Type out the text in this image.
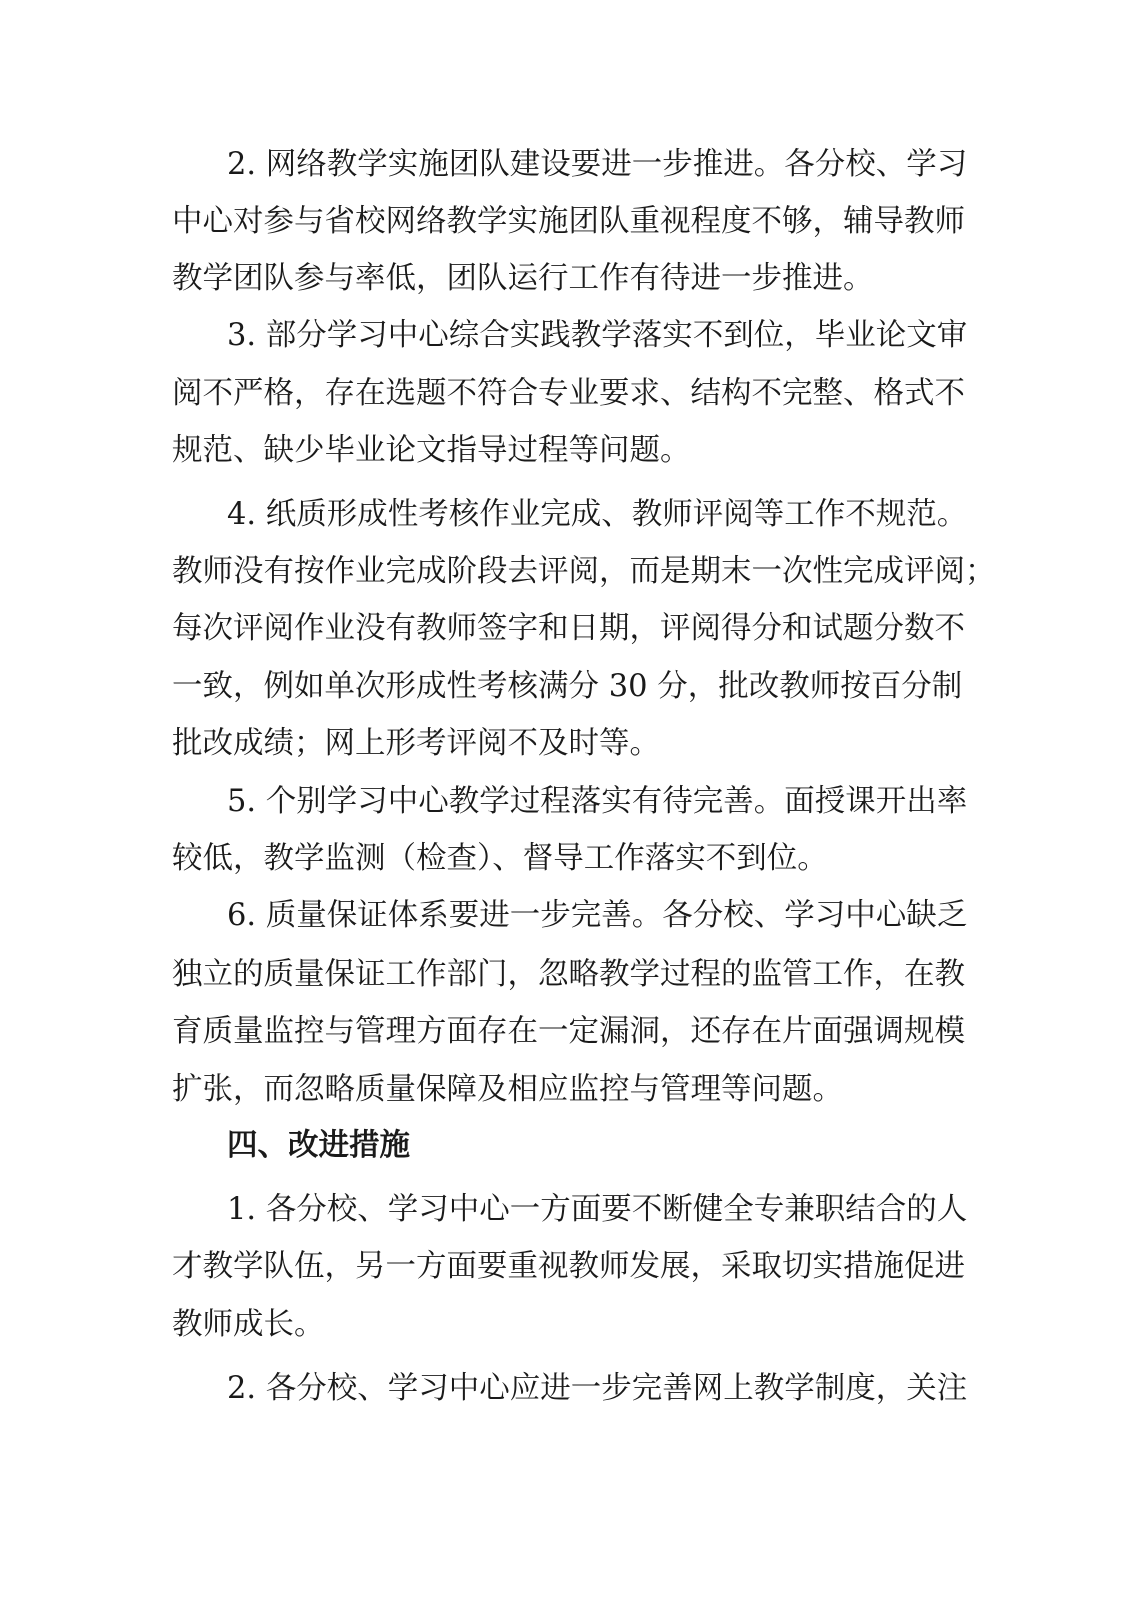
2. 网络教学实施团队建设要进一步推进。各分校、学习
中心对参与省校网络教学实施团队重视程度不够，辅导教师
教学团队参与率低，团队运行工作有待进一步推进。
3. 部分学习中心综合实践教学落实不到位，毕业论文审
阅不严格，存在选题不符合专业要求、结构不完整、格式不
规范、缺少毕业论文指导过程等问题。
4. 纸质形成性考核作业完成、教师评阅等工作不规范。
教师没有按作业完成阶段去评阅，而是期末一次性完成评阅；
每次评阅作业没有教师签字和日期，评阅得分和试题分数不
一致，例如单次形成性考核满分 30 分，批改教师按百分制
批改成绩；网上形考评阅不及时等。
5. 个别学习中心教学过程落实有待完善。面授课开出率
较低，教学监测（检查）、督导工作落实不到位。
6. 质量保证体系要进一步完善。各分校、学习中心缺乏
独立的质量保证工作部门，忽略教学过程的监管工作，在教
育质量监控与管理方面存在一定漏洞，还存在片面强调规模
扩张，而忽略质量保障及相应监控与管理等问题。
四、改进措施
1. 各分校、学习中心一方面要不断健全专兼职结合的人
才教学队伍，另一方面要重视教师发展，采取切实措施促进
教师成长。
2. 各分校、学习中心应进一步完善网上教学制度，关注
